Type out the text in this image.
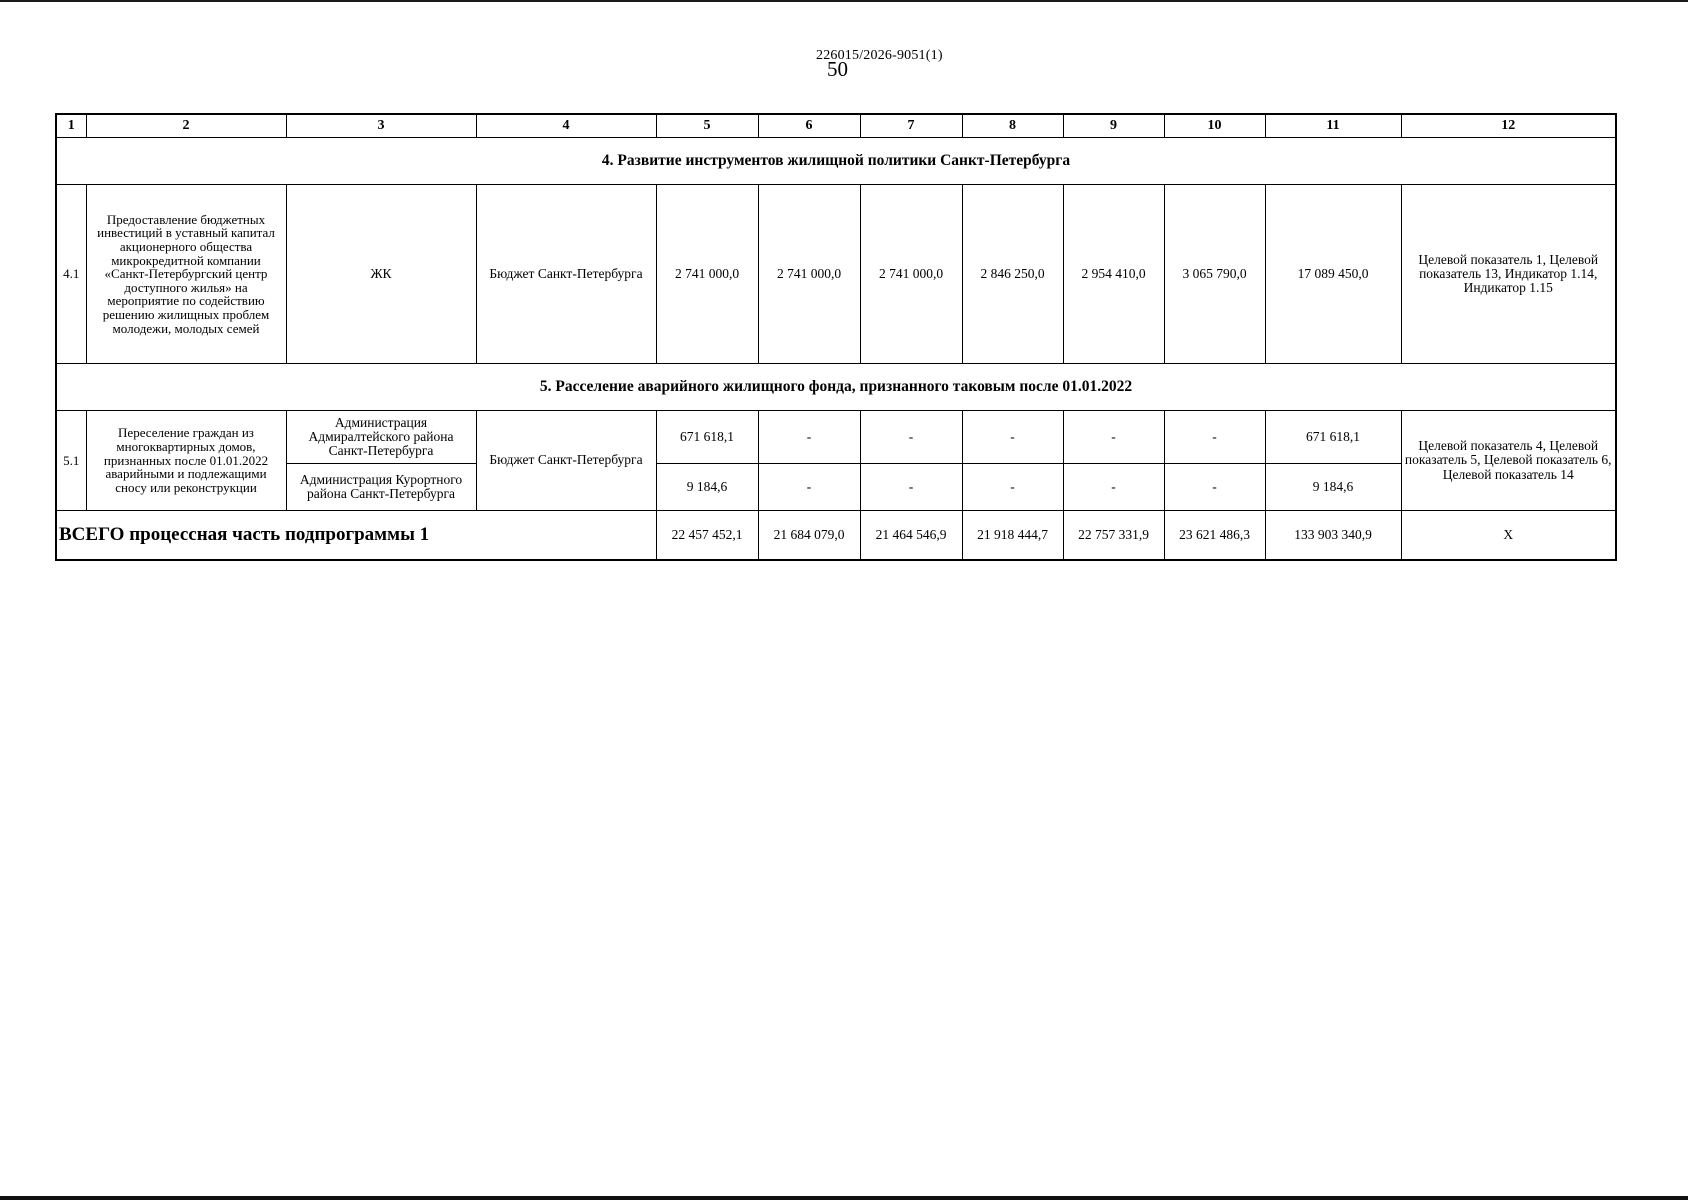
226015/2026-9051(1)
50
1	2	3	4	5	6	7	8	9	10	11	12
4. Развитие инструментов жилищной политики Санкт-Петербурга											
4.1	Предоставление бюджетных инвестиций в уставный капитал акционерного общества микрокредитной компании «Санкт-Петербургский центр доступного жилья» на мероприятие по содействию решению жилищных проблем молодежи, молодых семей	ЖК	Бюджет Санкт-Петербурга	2 741 000,0	2 741 000,0	2 741 000,0	2 846 250,0	2 954 410,0	3 065 790,0	17 089 450,0	Целевой показатель 1, Целевой показатель 13, Индикатор 1.14, Индикатор 1.15
5. Расселение аварийного жилищного фонда, признанного таковым после 01.01.2022											
5.1	Переселение граждан из многоквартирных домов, признанных после 01.01.2022 аварийными и подлежащими сносу или реконструкции	Администрация Адмиралтейского района Санкт-Петербурга	Бюджет Санкт-Петербурга	671 618,1	-	-	-	-	-	671 618,1	Целевой показатель 4, Целевой показатель 5, Целевой показатель 6, Целевой показатель 14
		Администрация Курортного района Санкт-Петербурга		9 184,6	-	-	-	-	-	9 184,6	
ВСЕГО процессная часть подпрограммы 1				22 457 452,1	21 684 079,0	21 464 546,9	21 918 444,7	22 757 331,9	23 621 486,3	133 903 340,9	Х
